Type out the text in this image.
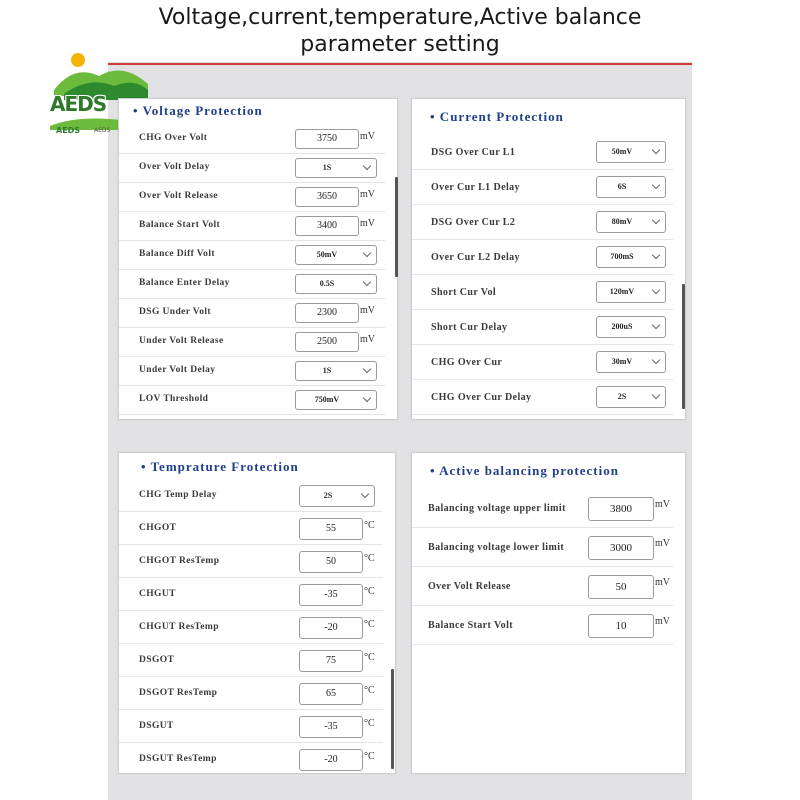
Voltage,current,temperature,Active balance
parameter setting
AEDS
AEDS AEDS
• Voltage Protection
CHG Over Volt	3750	mV
Over Volt Delay	1S
Over Volt Release	3650	mV
Balance Start Volt	3400	mV
Balance Diff Volt	50mV
Balance Enter Delay	0.5S
DSG Under Volt	2300	mV
Under Volt Release	2500	mV
Under Volt Delay	1S
LOV Threshold	750mV
• Current Protection
DSG Over Cur L1	50mV
Over Cur L1 Delay	6S
DSG Over Cur L2	80mV
Over Cur L2 Delay	700mS
Short Cur Vol	120mV
Short Cur Delay	200uS
CHG Over Cur	30mV
CHG Over Cur Delay	2S
• Temprature Frotection
CHG Temp Delay	2S
CHGOT	55	°C
CHGOT ResTemp	50	°C
CHGUT	-35	°C
CHGUT ResTemp	-20	°C
DSGOT	75	°C
DSGOT ResTemp	65	°C
DSGUT	-35	°C
DSGUT ResTemp	-20	°C
• Active balancing protection
Balancing voltage upper limit	3800	mV
Balancing voltage lower limit	3000	mV
Over Volt Release	50	mV
Balance Start Volt	10	mV
